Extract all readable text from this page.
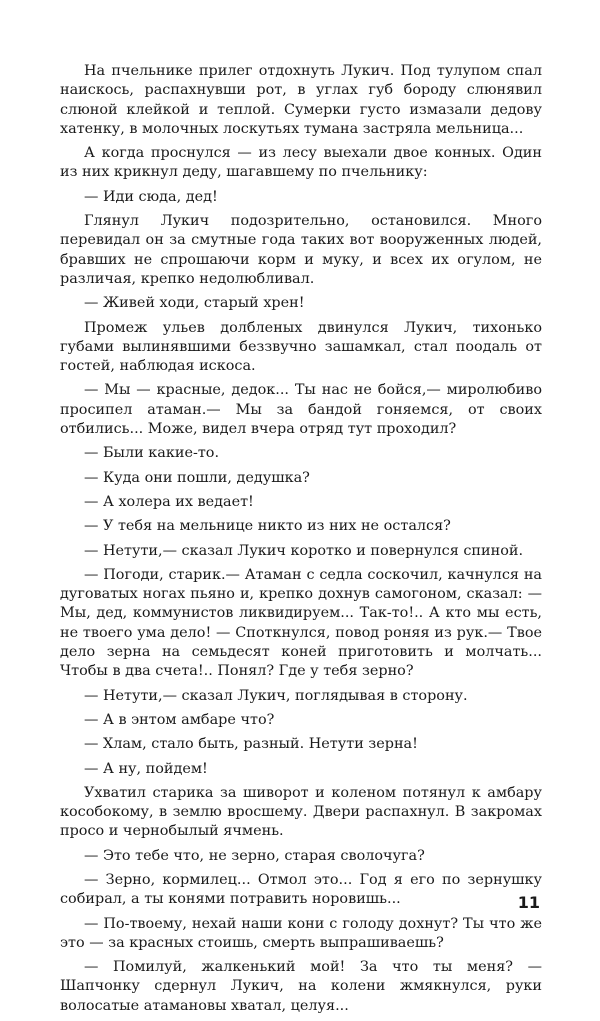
На пчельнике прилег отдохнуть Лукич. Под тулупом спал наискось, распахнувши рот, в углах губ бороду слюнявил слюной клейкой и теплой. Сумерки густо измазали дедову хатенку, в молочных лоскутьях тумана застряла мельница...

А когда проснулся — из лесу выехали двое конных. Один из них крикнул деду, шагавшему по пчельнику:

— Иди сюда, дед!

Глянул Лукич подозрительно, остановился. Много перевидал он за смутные года таких вот вооруженных людей, бравших не спрошаючи корм и муку, и всех их огулом, не различая, крепко недолюбливал.

— Живей ходи, старый хрен!

Промеж ульев долбленых двинулся Лукич, тихонько губами вылинявшими беззвучно зашамкал, стал поодаль от гостей, наблюдая искоса.

— Мы — красные, дедок... Ты нас не бойся,— миролюбиво просипел атаман.— Мы за бандой гоняемся, от своих отбились... Може, видел вчера отряд тут проходил?

— Были какие-то.

— Куда они пошли, дедушка?

— А холера их ведает!

— У тебя на мельнице никто из них не остался?

— Нетути,— сказал Лукич коротко и повернулся спиной.

— Погоди, старик.— Атаман с седла соскочил, качнулся на дуговатых ногах пьяно и, крепко дохнув самогоном, сказал: — Мы, дед, коммунистов ликвидируем... Так-то!.. А кто мы есть, не твоего ума дело! — Споткнулся, повод роняя из рук.— Твое дело зерна на семьдесят коней приготовить и молчать... Чтобы в два счета!.. Понял? Где у тебя зерно?

— Нетути,— сказал Лукич, поглядывая в сторону.

— А в энтом амбаре что?

— Хлам, стало быть, разный. Нетути зерна!

— А ну, пойдем!

Ухватил старика за шиворот и коленом потянул к амбару кособокому, в землю вросшему. Двери распахнул. В закромах просо и чернобылый ячмень.

— Это тебе что, не зерно, старая сволочуга?

— Зерно, кормилец... Отмол это... Год я его по зернушку собирал, а ты конями потравить норовишь...

— По-твоему, нехай наши кони с голоду дохнут? Ты что же это — за красных стоишь, смерть выпрашиваешь?

— Помилуй, жалкенький мой! За что ты меня? — Шапчонку сдернул Лукич, на колени жмякнулся, руки волосатые атамановы хватал, целуя...

11
